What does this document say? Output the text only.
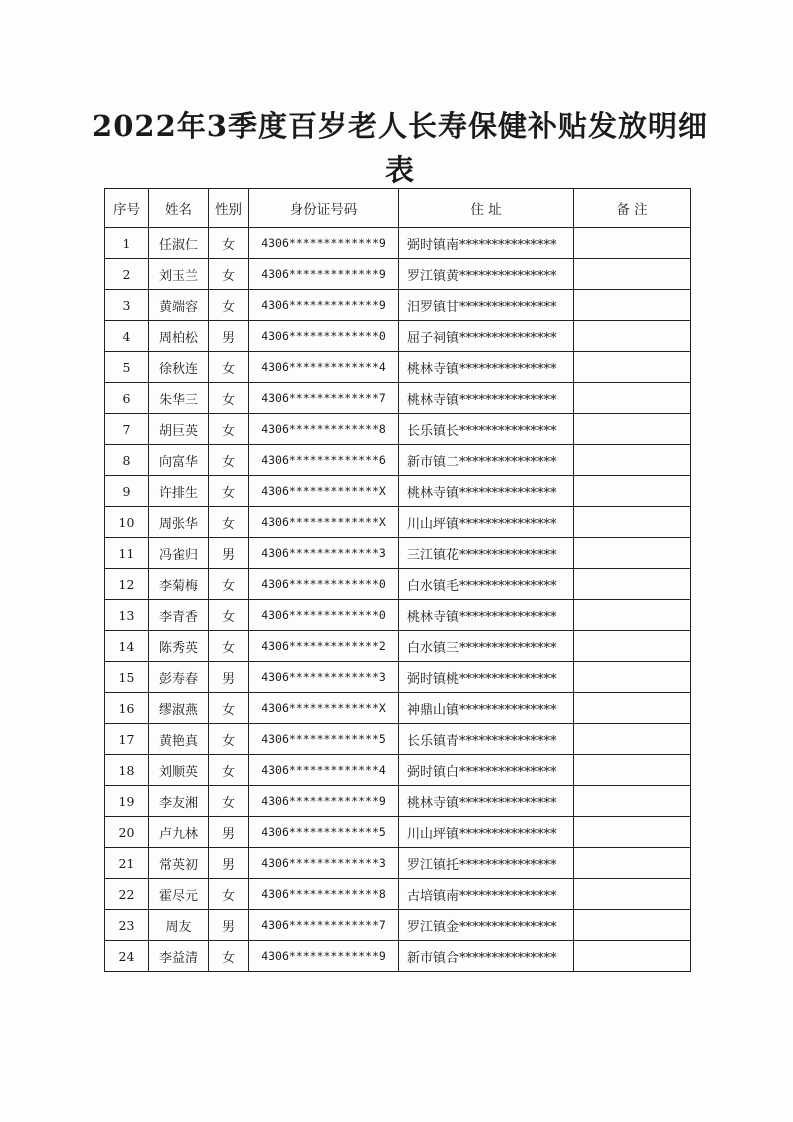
2022年3季度百岁老人长寿保健补贴发放明细
表
序号	姓名	性别	身份证号码	住 址	备 注
1	任淑仁	女	4306*************9	弼时镇南***************	
2	刘玉兰	女	4306*************9	罗江镇黄***************	
3	黄端容	女	4306*************9	汨罗镇甘***************	
4	周柏松	男	4306*************0	屈子祠镇***************	
5	徐秋连	女	4306*************4	桃林寺镇***************	
6	朱华三	女	4306*************7	桃林寺镇***************	
7	胡巨英	女	4306*************8	长乐镇长***************	
8	向富华	女	4306*************6	新市镇二***************	
9	许排生	女	4306*************X	桃林寺镇***************	
10	周张华	女	4306*************X	川山坪镇***************	
11	冯雀归	男	4306*************3	三江镇花***************	
12	李菊梅	女	4306*************0	白水镇毛***************	
13	李青香	女	4306*************0	桃林寺镇***************	
14	陈秀英	女	4306*************2	白水镇三***************	
15	彭寿春	男	4306*************3	弼时镇桃***************	
16	缪淑燕	女	4306*************X	神鼎山镇***************	
17	黄艳真	女	4306*************5	长乐镇青***************	
18	刘顺英	女	4306*************4	弼时镇白***************	
19	李友湘	女	4306*************9	桃林寺镇***************	
20	卢九林	男	4306*************5	川山坪镇***************	
21	常英初	男	4306*************3	罗江镇托***************	
22	霍尽元	女	4306*************8	古培镇南***************	
23	周友	男	4306*************7	罗江镇金***************	
24	李益清	女	4306*************9	新市镇合***************	
